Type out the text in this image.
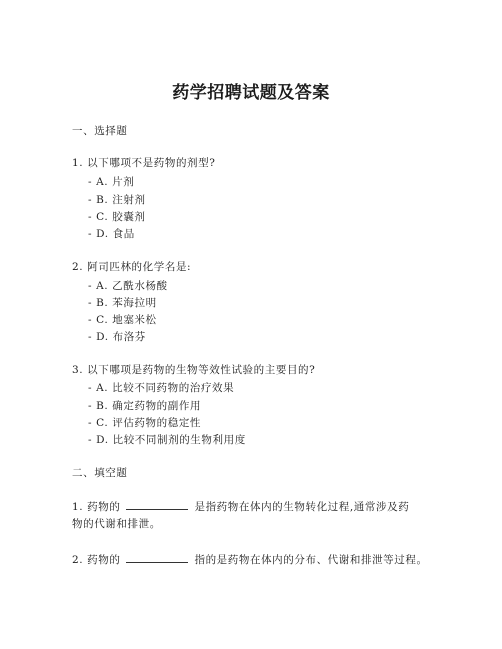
药学招聘试题及答案
一、选择题
1. 以下哪项不是药物的剂型?
- A. 片剂
- B. 注射剂
- C. 胶囊剂
- D. 食品
2. 阿司匹林的化学名是:
- A. 乙酰水杨酸
- B. 苯海拉明
- C. 地塞米松
- D. 布洛芬
3. 以下哪项是药物的生物等效性试验的主要目的?
- A. 比较不同药物的治疗效果
- B. 确定药物的副作用
- C. 评估药物的稳定性
- D. 比较不同制剂的生物利用度
二、填空题
1. 药物的	是指药物在体内的生物转化过程,通常涉及药
物的代谢和排泄。
2. 药物的	指的是药物在体内的分布、代谢和排泄等过程。
